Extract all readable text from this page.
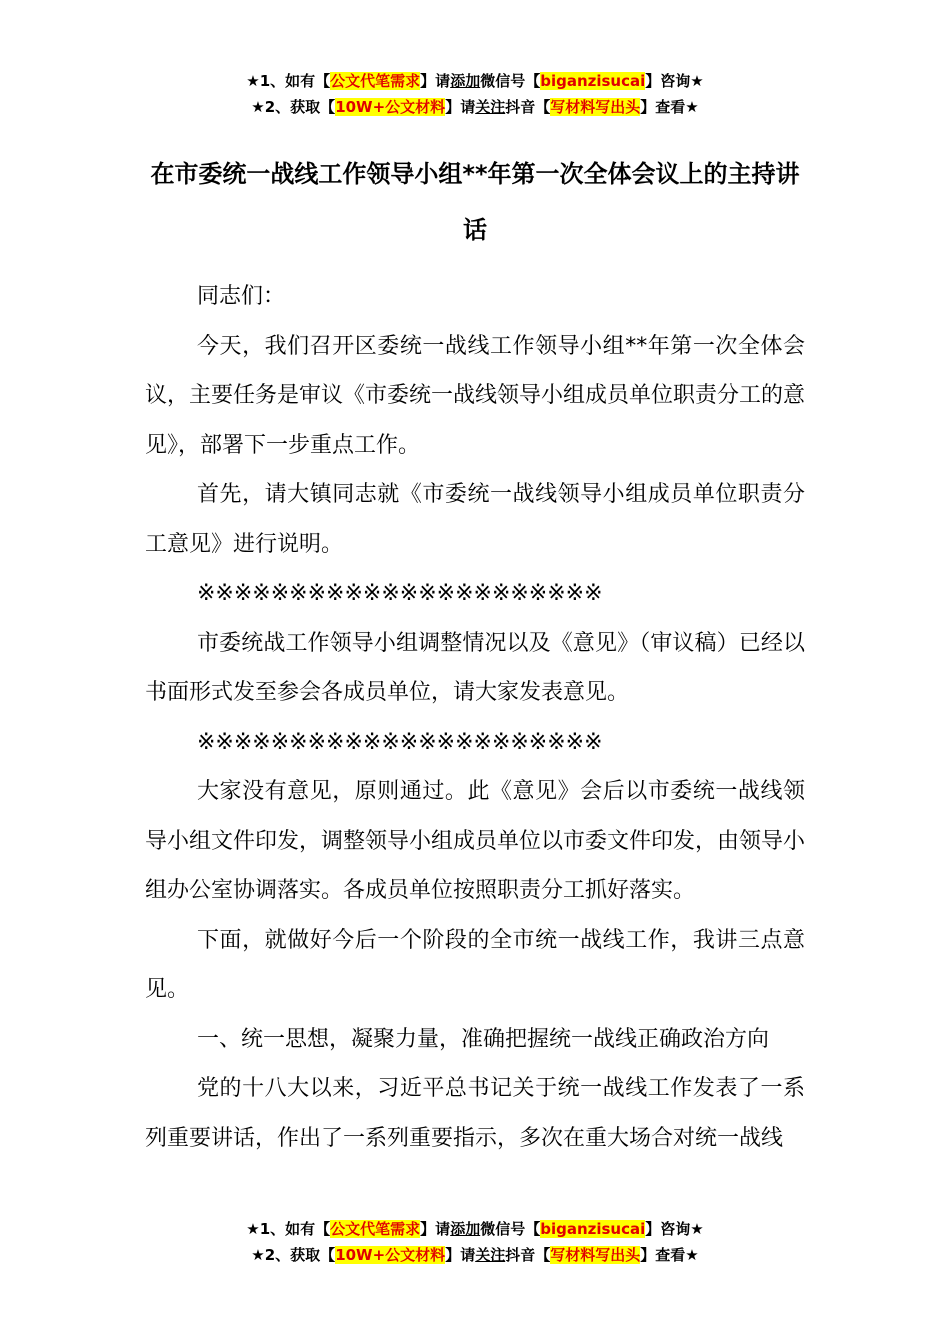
★1、如有【公文代笔需求】请添加微信号【biganzisucai】咨询★
★2、获取【10W+公文材料】请关注抖音【写材料写出头】查看★
在市委统一战线工作领导小组**年第一次全体会议上的主持讲话

同志们：

今天，我们召开区委统一战线工作领导小组**年第一次全体会议，主要任务是审议《市委统一战线领导小组成员单位职责分工的意见》，部署下一步重点工作。

首先，请大镇同志就《市委统一战线领导小组成员单位职责分工意见》进行说明。

※※※※※※※※※※※※※※※※※※※※※※

市委统战工作领导小组调整情况以及《意见》（审议稿）已经以书面形式发至参会各成员单位，请大家发表意见。

※※※※※※※※※※※※※※※※※※※※※※

大家没有意见，原则通过。此《意见》会后以市委统一战线领导小组文件印发，调整领导小组成员单位以市委文件印发，由领导小组办公室协调落实。各成员单位按照职责分工抓好落实。

下面，就做好今后一个阶段的全市统一战线工作，我讲三点意见。

一、统一思想，凝聚力量，准确把握统一战线正确政治方向

党的十八大以来，习近平总书记关于统一战线工作发表了一系列重要讲话，作出了一系列重要指示，多次在重大场合对统一战线

★1、如有【公文代笔需求】请添加微信号【biganzisucai】咨询★
★2、获取【10W+公文材料】请关注抖音【写材料写出头】查看★
